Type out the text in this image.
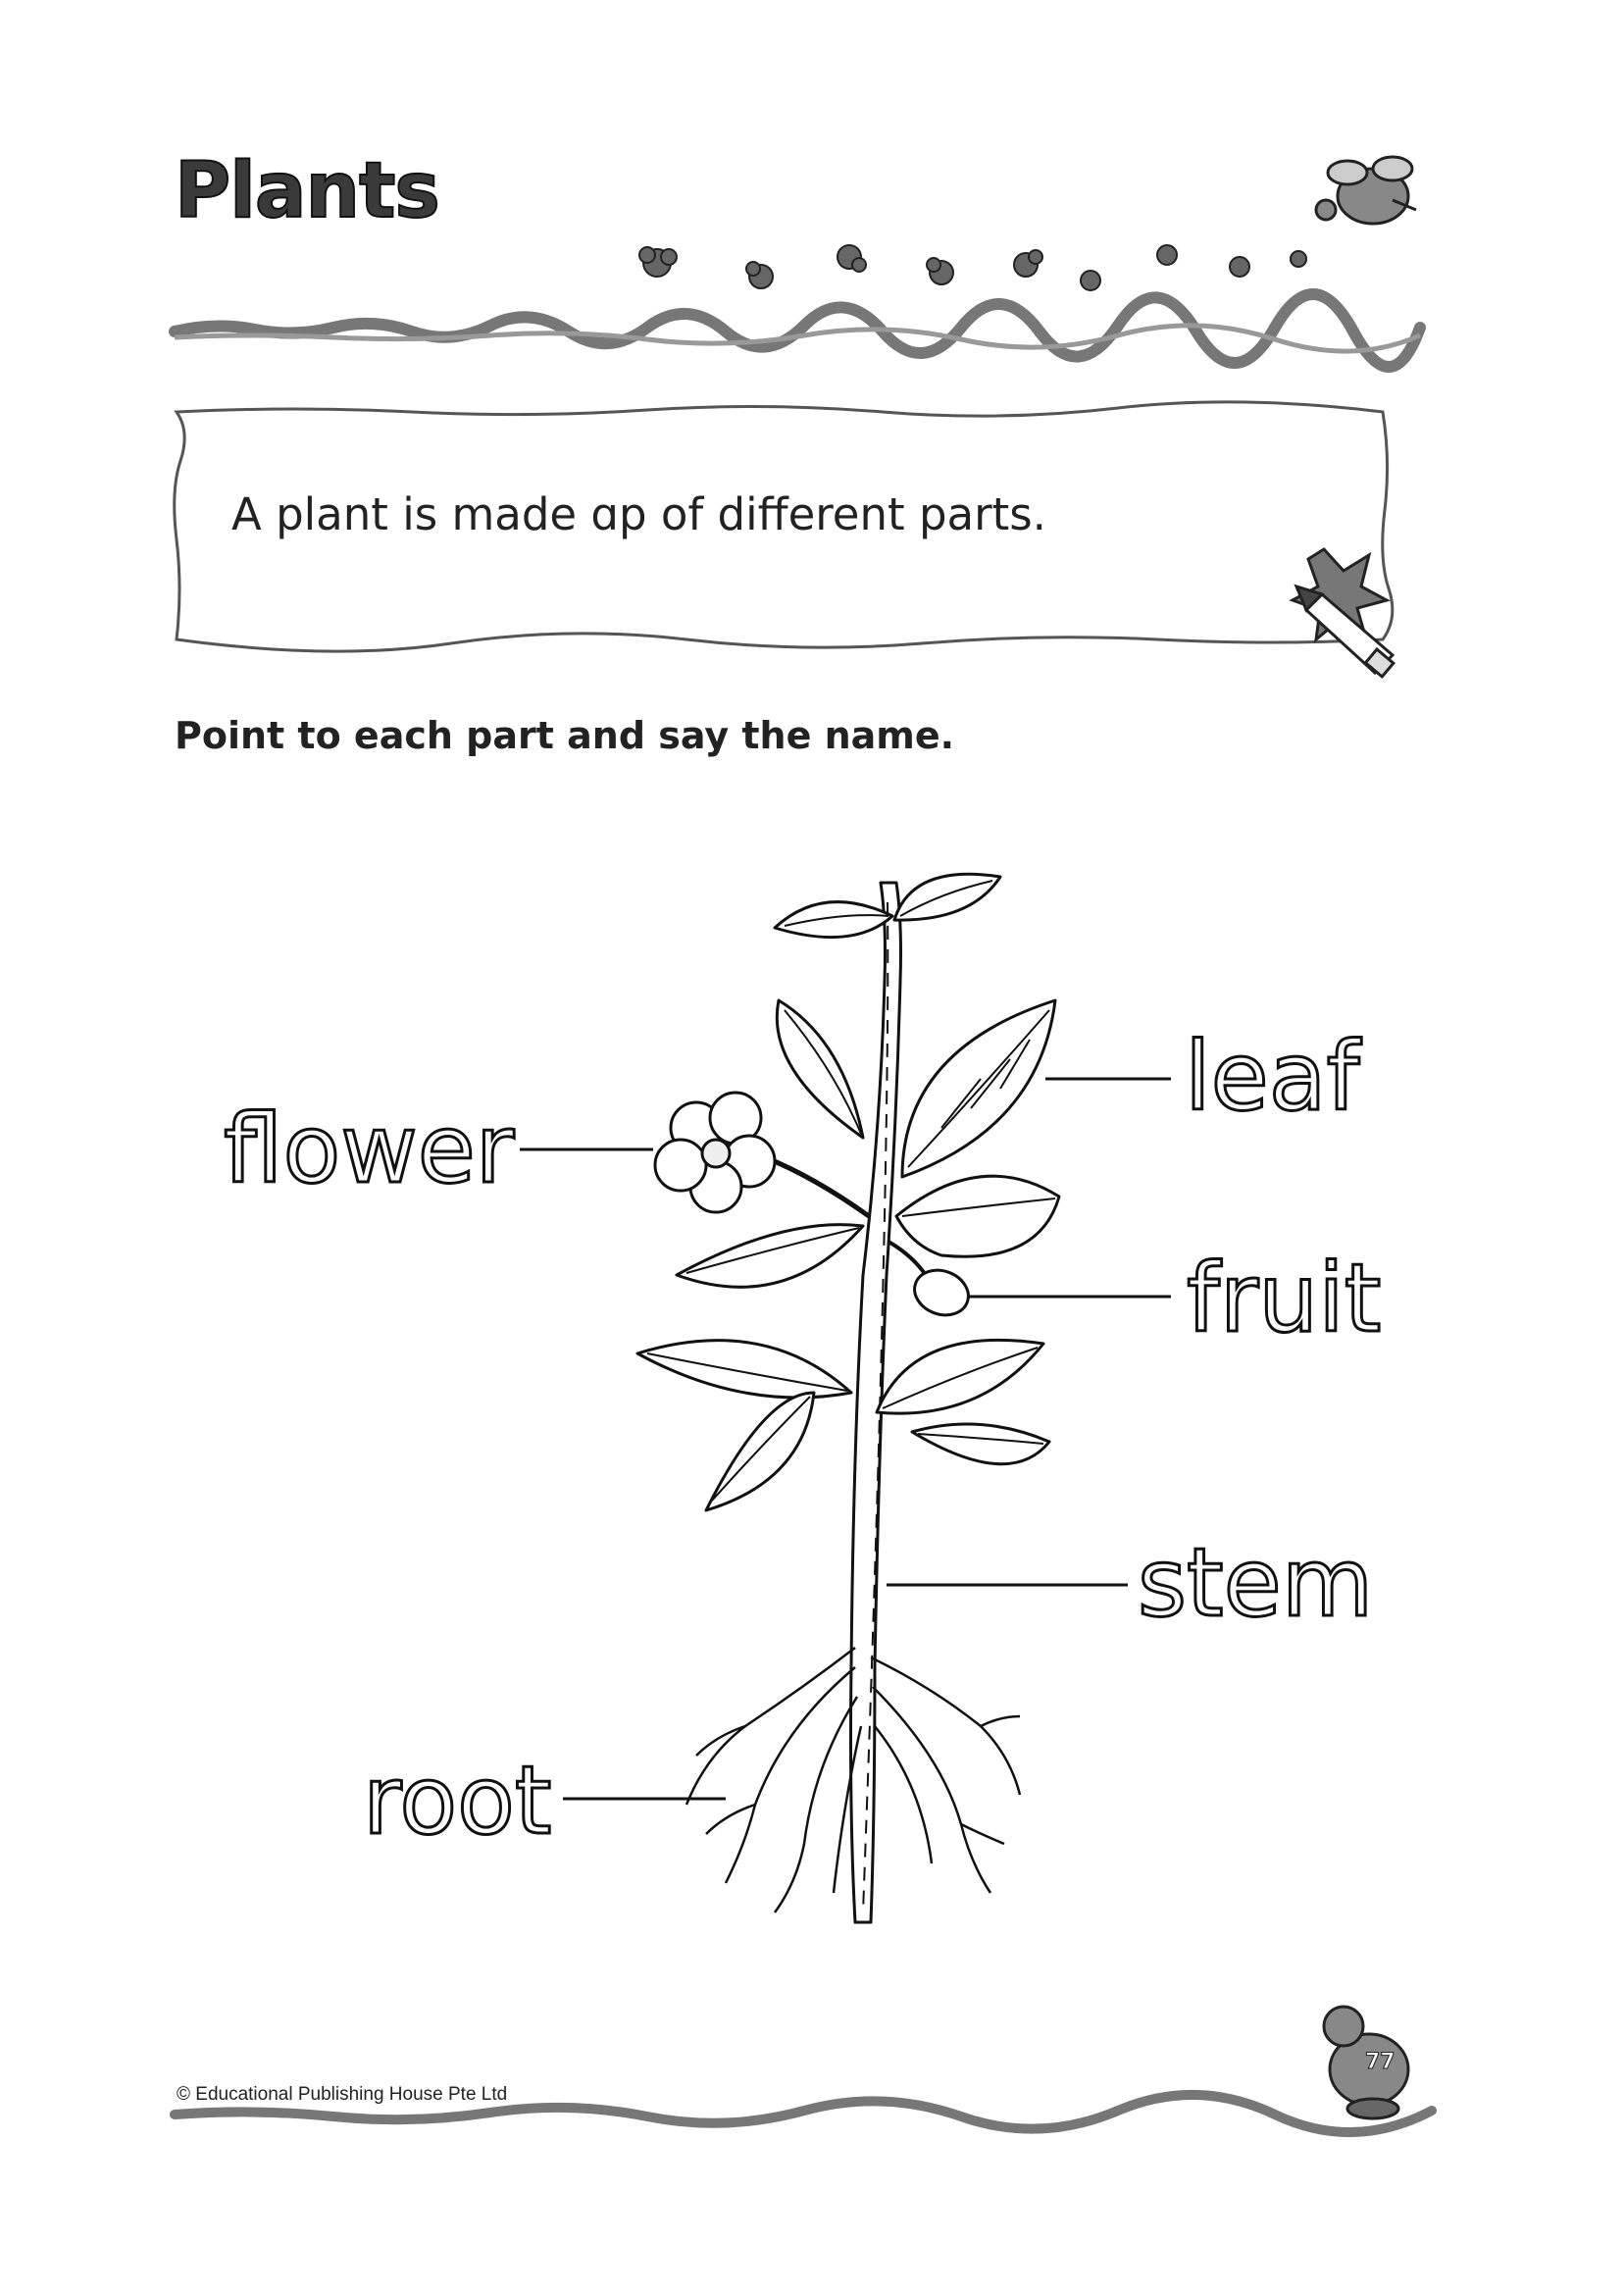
Plants
A plant is made ɑp of different parts.
Point to each part and say the name.
flower
leaf
fruit
stem
root
© Educational Publishing House Pte Ltd
77
